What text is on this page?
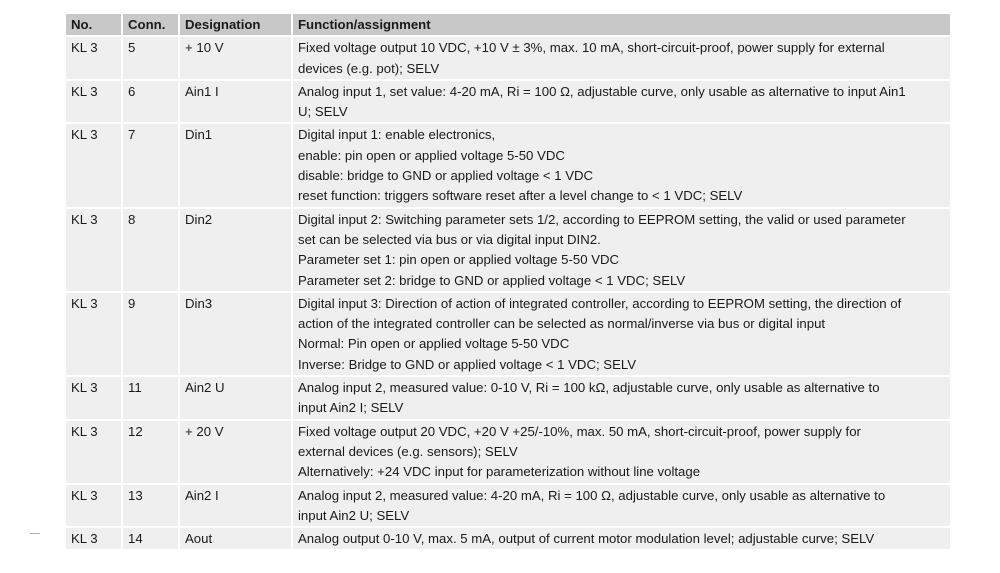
No.	Conn.	Designation	Function/assignment
KL 3	5	+ 10 V	Fixed voltage output 10 VDC, +10 V ± 3%, max. 10 mA, short-circuit-proof, power supply for external
devices (e.g. pot); SELV

KL 3	6	Ain1 I	Analog input 1, set value: 4-20 mA, Ri = 100 Ω, adjustable curve, only usable as alternative to input Ain1
U; SELV

KL 3	7	Din1	Digital input 1: enable electronics,
enable: pin open or applied voltage 5-50 VDC
disable: bridge to GND or applied voltage < 1 VDC
reset function: triggers software reset after a level change to < 1 VDC; SELV

KL 3	8	Din2	Digital input 2: Switching parameter sets 1/2, according to EEPROM setting, the valid or used parameter
set can be selected via bus or via digital input DIN2.
Parameter set 1: pin open or applied voltage 5-50 VDC
Parameter set 2: bridge to GND or applied voltage < 1 VDC; SELV

KL 3	9	Din3	Digital input 3: Direction of action of integrated controller, according to EEPROM setting, the direction of
action of the integrated controller can be selected as normal/inverse via bus or digital input
Normal: Pin open or applied voltage 5-50 VDC
Inverse: Bridge to GND or applied voltage < 1 VDC; SELV

KL 3	11	Ain2 U	Analog input 2, measured value: 0-10 V, Ri = 100 kΩ, adjustable curve, only usable as alternative to
input Ain2 I; SELV

KL 3	12	+ 20 V	Fixed voltage output 20 VDC, +20 V +25/-10%, max. 50 mA, short-circuit-proof, power supply for
external devices (e.g. sensors); SELV
Alternatively: +24 VDC input for parameterization without line voltage

KL 3	13	Ain2 I	Analog input 2, measured value: 4-20 mA, Ri = 100 Ω, adjustable curve, only usable as alternative to
input Ain2 U; SELV

KL 3	14	Aout	Analog output 0-10 V, max. 5 mA, output of current motor modulation level; adjustable curve; SELV
